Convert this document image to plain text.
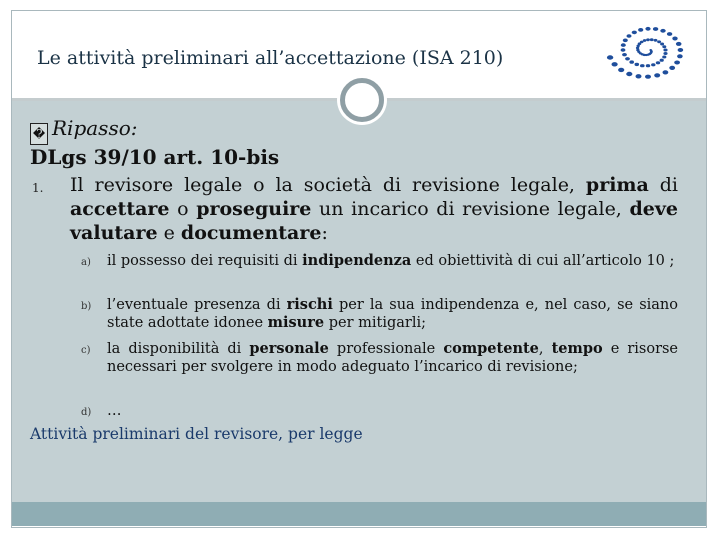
Le attività preliminari all’accettazione (ISA 210)
� Ripasso:
DLgs 39/10 art. 10-bis
1. Il revisore legale o la società di revisione legale, prima di accettare o proseguire un incarico di revisione legale, deve valutare e documentare:
a) il possesso dei requisiti di indipendenza ed obiettività di cui all’articolo 10 ;
b) l’eventuale presenza di rischi per la sua indipendenza e, nel caso, se siano state adottate idonee misure per mitigarli;
c) la disponibilità di personale professionale competente, tempo e risorse necessari per svolgere in modo adeguato l’incarico di revisione;
d) …
Attività preliminari del revisore, per legge
